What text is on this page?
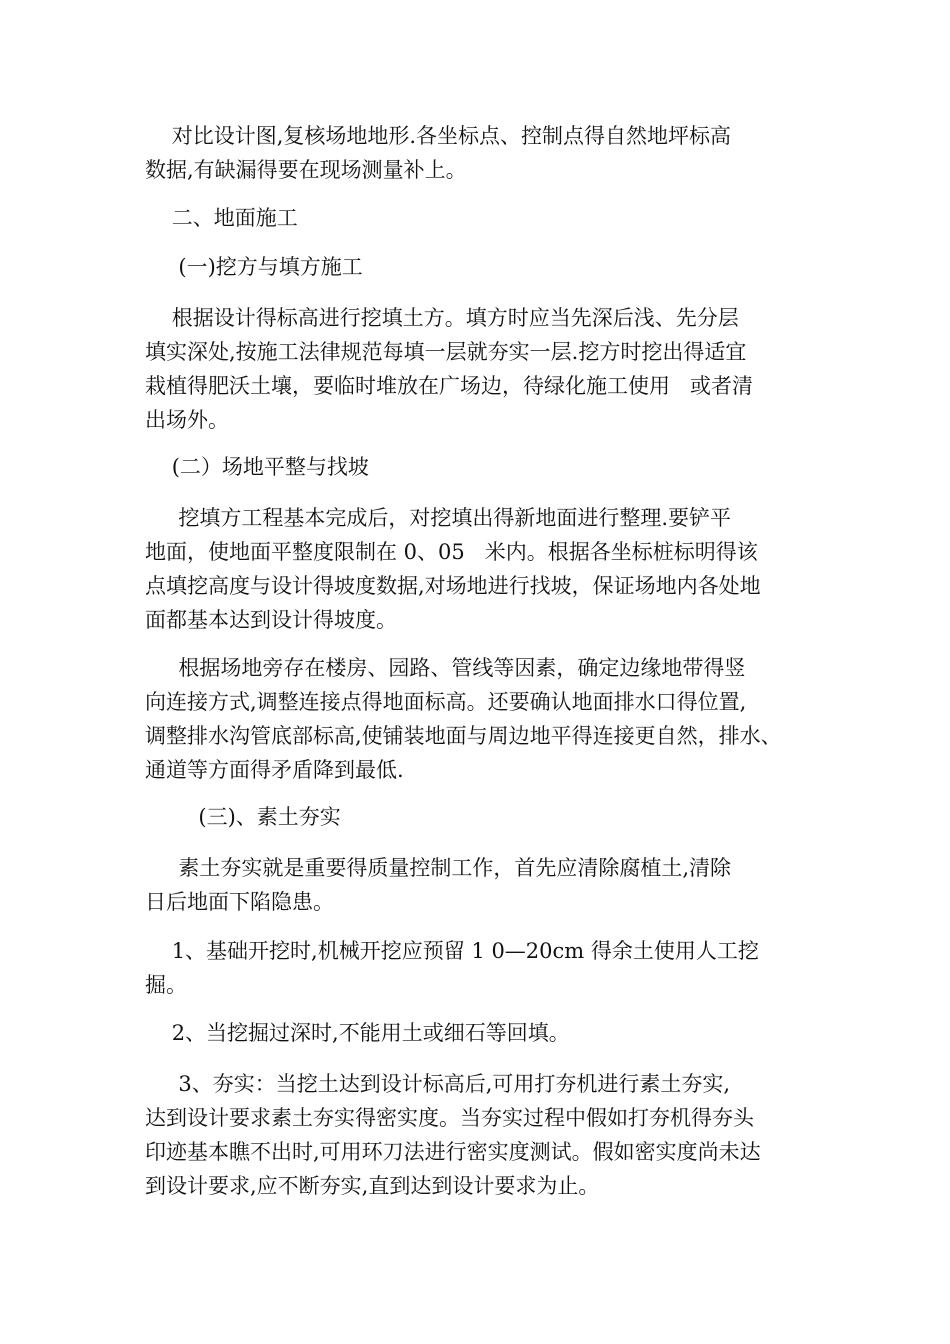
对比设计图,复核场地地形.各坐标点、控制点得自然地坪标高
数据,有缺漏得要在现场测量补上。
二、地面施工
(一)挖方与填方施工
根据设计得标高进行挖填土方。填方时应当先深后浅、先分层
填实深处,按施工法律规范每填一层就夯实一层.挖方时挖出得适宜
栽植得肥沃土壤，要临时堆放在广场边，待绿化施工使用   或者清
出场外。
(二）场地平整与找坡
挖填方工程基本完成后，对挖填出得新地面进行整理.要铲平
地面，使地面平整度限制在 0、05   米内。根据各坐标桩标明得该
点填挖高度与设计得坡度数据,对场地进行找坡，保证场地内各处地
面都基本达到设计得坡度。
根据场地旁存在楼房、园路、管线等因素，确定边缘地带得竖
向连接方式,调整连接点得地面标高。还要确认地面排水口得位置,
调整排水沟管底部标高,使铺装地面与周边地平得连接更自然，排水、
通道等方面得矛盾降到最低.
(三)、素土夯实
素土夯实就是重要得质量控制工作，首先应清除腐植土,清除
日后地面下陷隐患。
1、基础开挖时,机械开挖应预留 1 0—20cm 得余土使用人工挖
掘。
2、当挖掘过深时,不能用土或细石等回填。
3、夯实：当挖土达到设计标高后,可用打夯机进行素土夯实,
达到设计要求素土夯实得密实度。当夯实过程中假如打夯机得夯头
印迹基本瞧不出时,可用环刀法进行密实度测试。假如密实度尚未达
到设计要求,应不断夯实,直到达到设计要求为止。
